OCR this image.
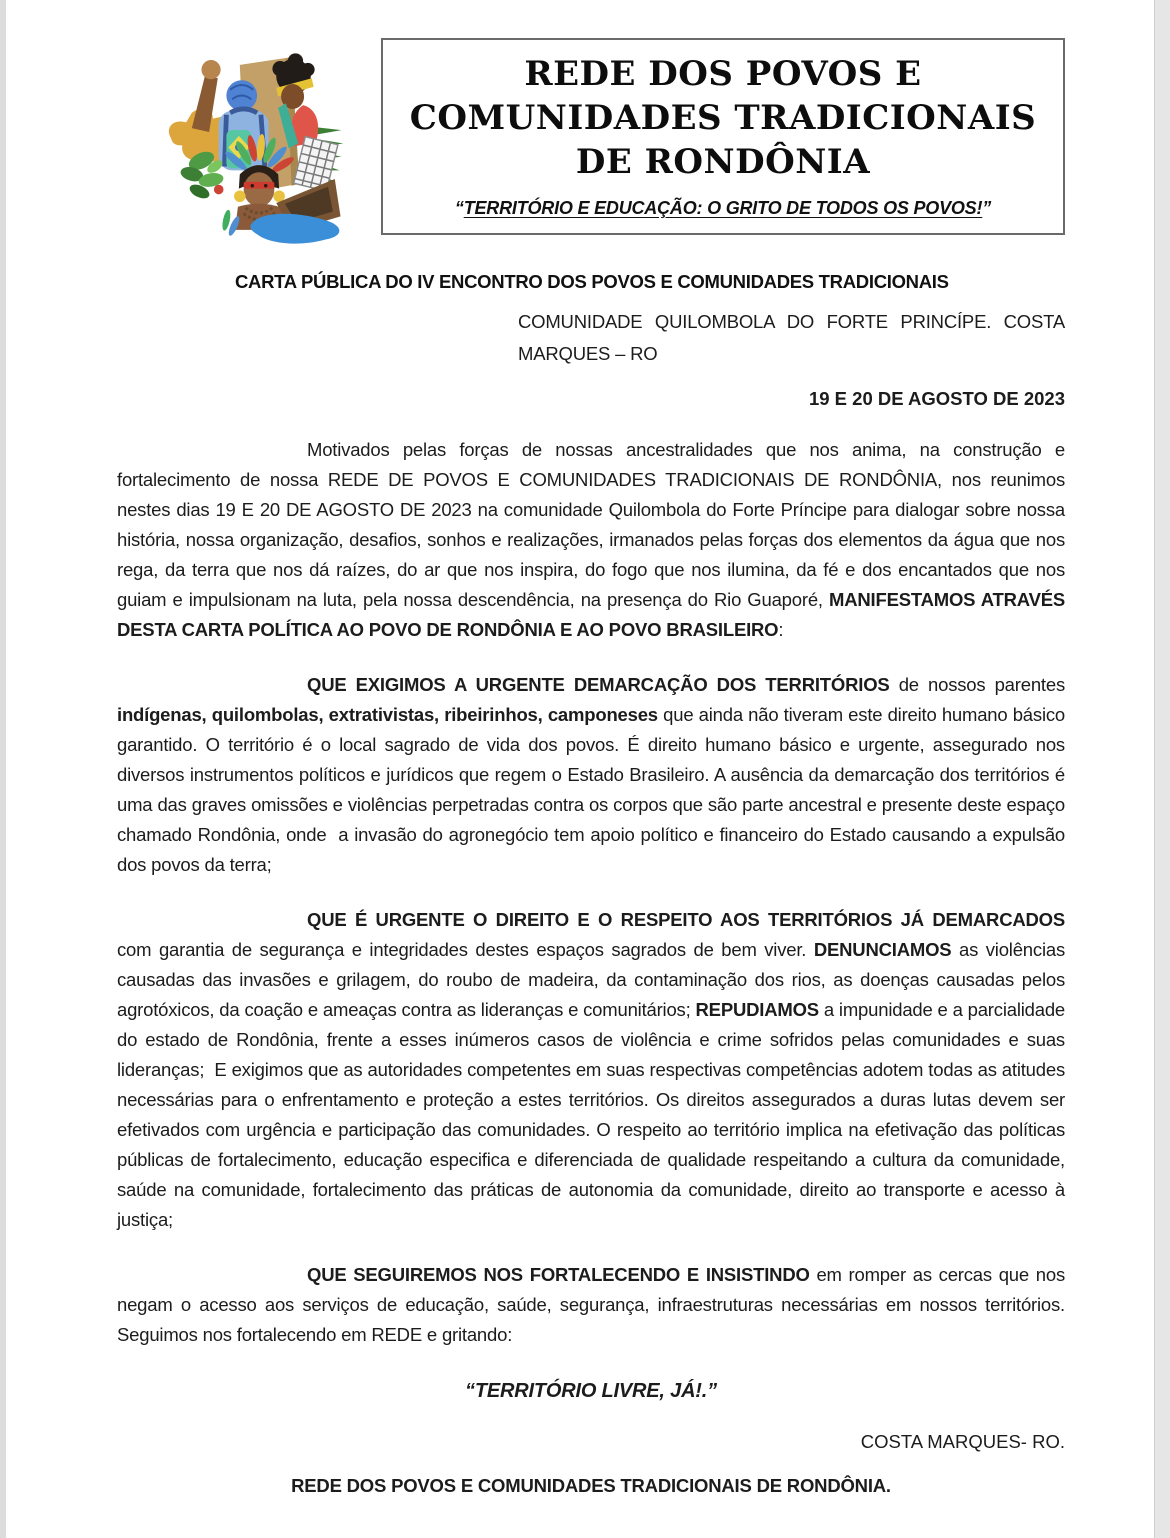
REDE DOS POVOS E
COMUNIDADES TRADICIONAIS
DE RONDÔNIA
“TERRITÓRIO E EDUCAÇÃO: O GRITO DE TODOS OS POVOS!”
CARTA PÚBLICA DO IV ENCONTRO DOS POVOS E COMUNIDADES TRADICIONAIS
COMUNIDADE QUILOMBOLA DO FORTE PRINCÍPE. COSTA MARQUES – RO
19 E 20 DE AGOSTO DE 2023

Motivados pelas forças de nossas ancestralidades que nos anima, na construção e fortalecimento de nossa REDE DE POVOS E COMUNIDADES TRADICIONAIS DE RONDÔNIA, nos reunimos nestes dias 19 E 20 DE AGOSTO DE 2023 na comunidade Quilombola do Forte Príncipe para dialogar sobre nossa história, nossa organização, desafios, sonhos e realizações, irmanados pelas forças dos elementos da água que nos rega, da terra que nos dá raízes, do ar que nos inspira, do fogo que nos ilumina, da fé e dos encantados que nos guiam e impulsionam na luta, pela nossa descendência, na presença do Rio Guaporé, MANIFESTAMOS ATRAVÉS DESTA CARTA POLÍTICA AO POVO DE RONDÔNIA E AO POVO BRASILEIRO:

QUE EXIGIMOS A URGENTE DEMARCAÇÃO DOS TERRITÓRIOS de nossos parentes indígenas, quilombolas, extrativistas, ribeirinhos, camponeses que ainda não tiveram este direito humano básico garantido. O território é o local sagrado de vida dos povos. É direito humano básico e urgente, assegurado nos diversos instrumentos políticos e jurídicos que regem o Estado Brasileiro. A ausência da demarcação dos territórios é uma das graves omissões e violências perpetradas contra os corpos que são parte ancestral e presente deste espaço chamado Rondônia, onde  a invasão do agronegócio tem apoio político e financeiro do Estado causando a expulsão dos povos da terra;

QUE É URGENTE O DIREITO E O RESPEITO AOS TERRITÓRIOS JÁ DEMARCADOS com garantia de segurança e integridades destes espaços sagrados de bem viver. DENUNCIAMOS as violências causadas das invasões e grilagem, do roubo de madeira, da contaminação dos rios, as doenças causadas pelos agrotóxicos, da coação e ameaças contra as lideranças e comunitários; REPUDIAMOS a impunidade e a parcialidade do estado de Rondônia, frente a esses inúmeros casos de violência e crime sofridos pelas comunidades e suas lideranças;  E exigimos que as autoridades competentes em suas respectivas competências adotem todas as atitudes necessárias para o enfrentamento e proteção a estes territórios. Os direitos assegurados a duras lutas devem ser efetivados com urgência e participação das comunidades. O respeito ao território implica na efetivação das políticas públicas de fortalecimento, educação especifica e diferenciada de qualidade respeitando a cultura da comunidade, saúde na comunidade, fortalecimento das práticas de autonomia da comunidade, direito ao transporte e acesso à justiça;

QUE SEGUIREMOS NOS FORTALECENDO E INSISTINDO em romper as cercas que nos negam o acesso aos serviços de educação, saúde, segurança, infraestruturas necessárias em nossos territórios. Seguimos nos fortalecendo em REDE e gritando:

“TERRITÓRIO LIVRE, JÁ!.”
COSTA MARQUES- RO.
REDE DOS POVOS E COMUNIDADES TRADICIONAIS DE RONDÔNIA.
